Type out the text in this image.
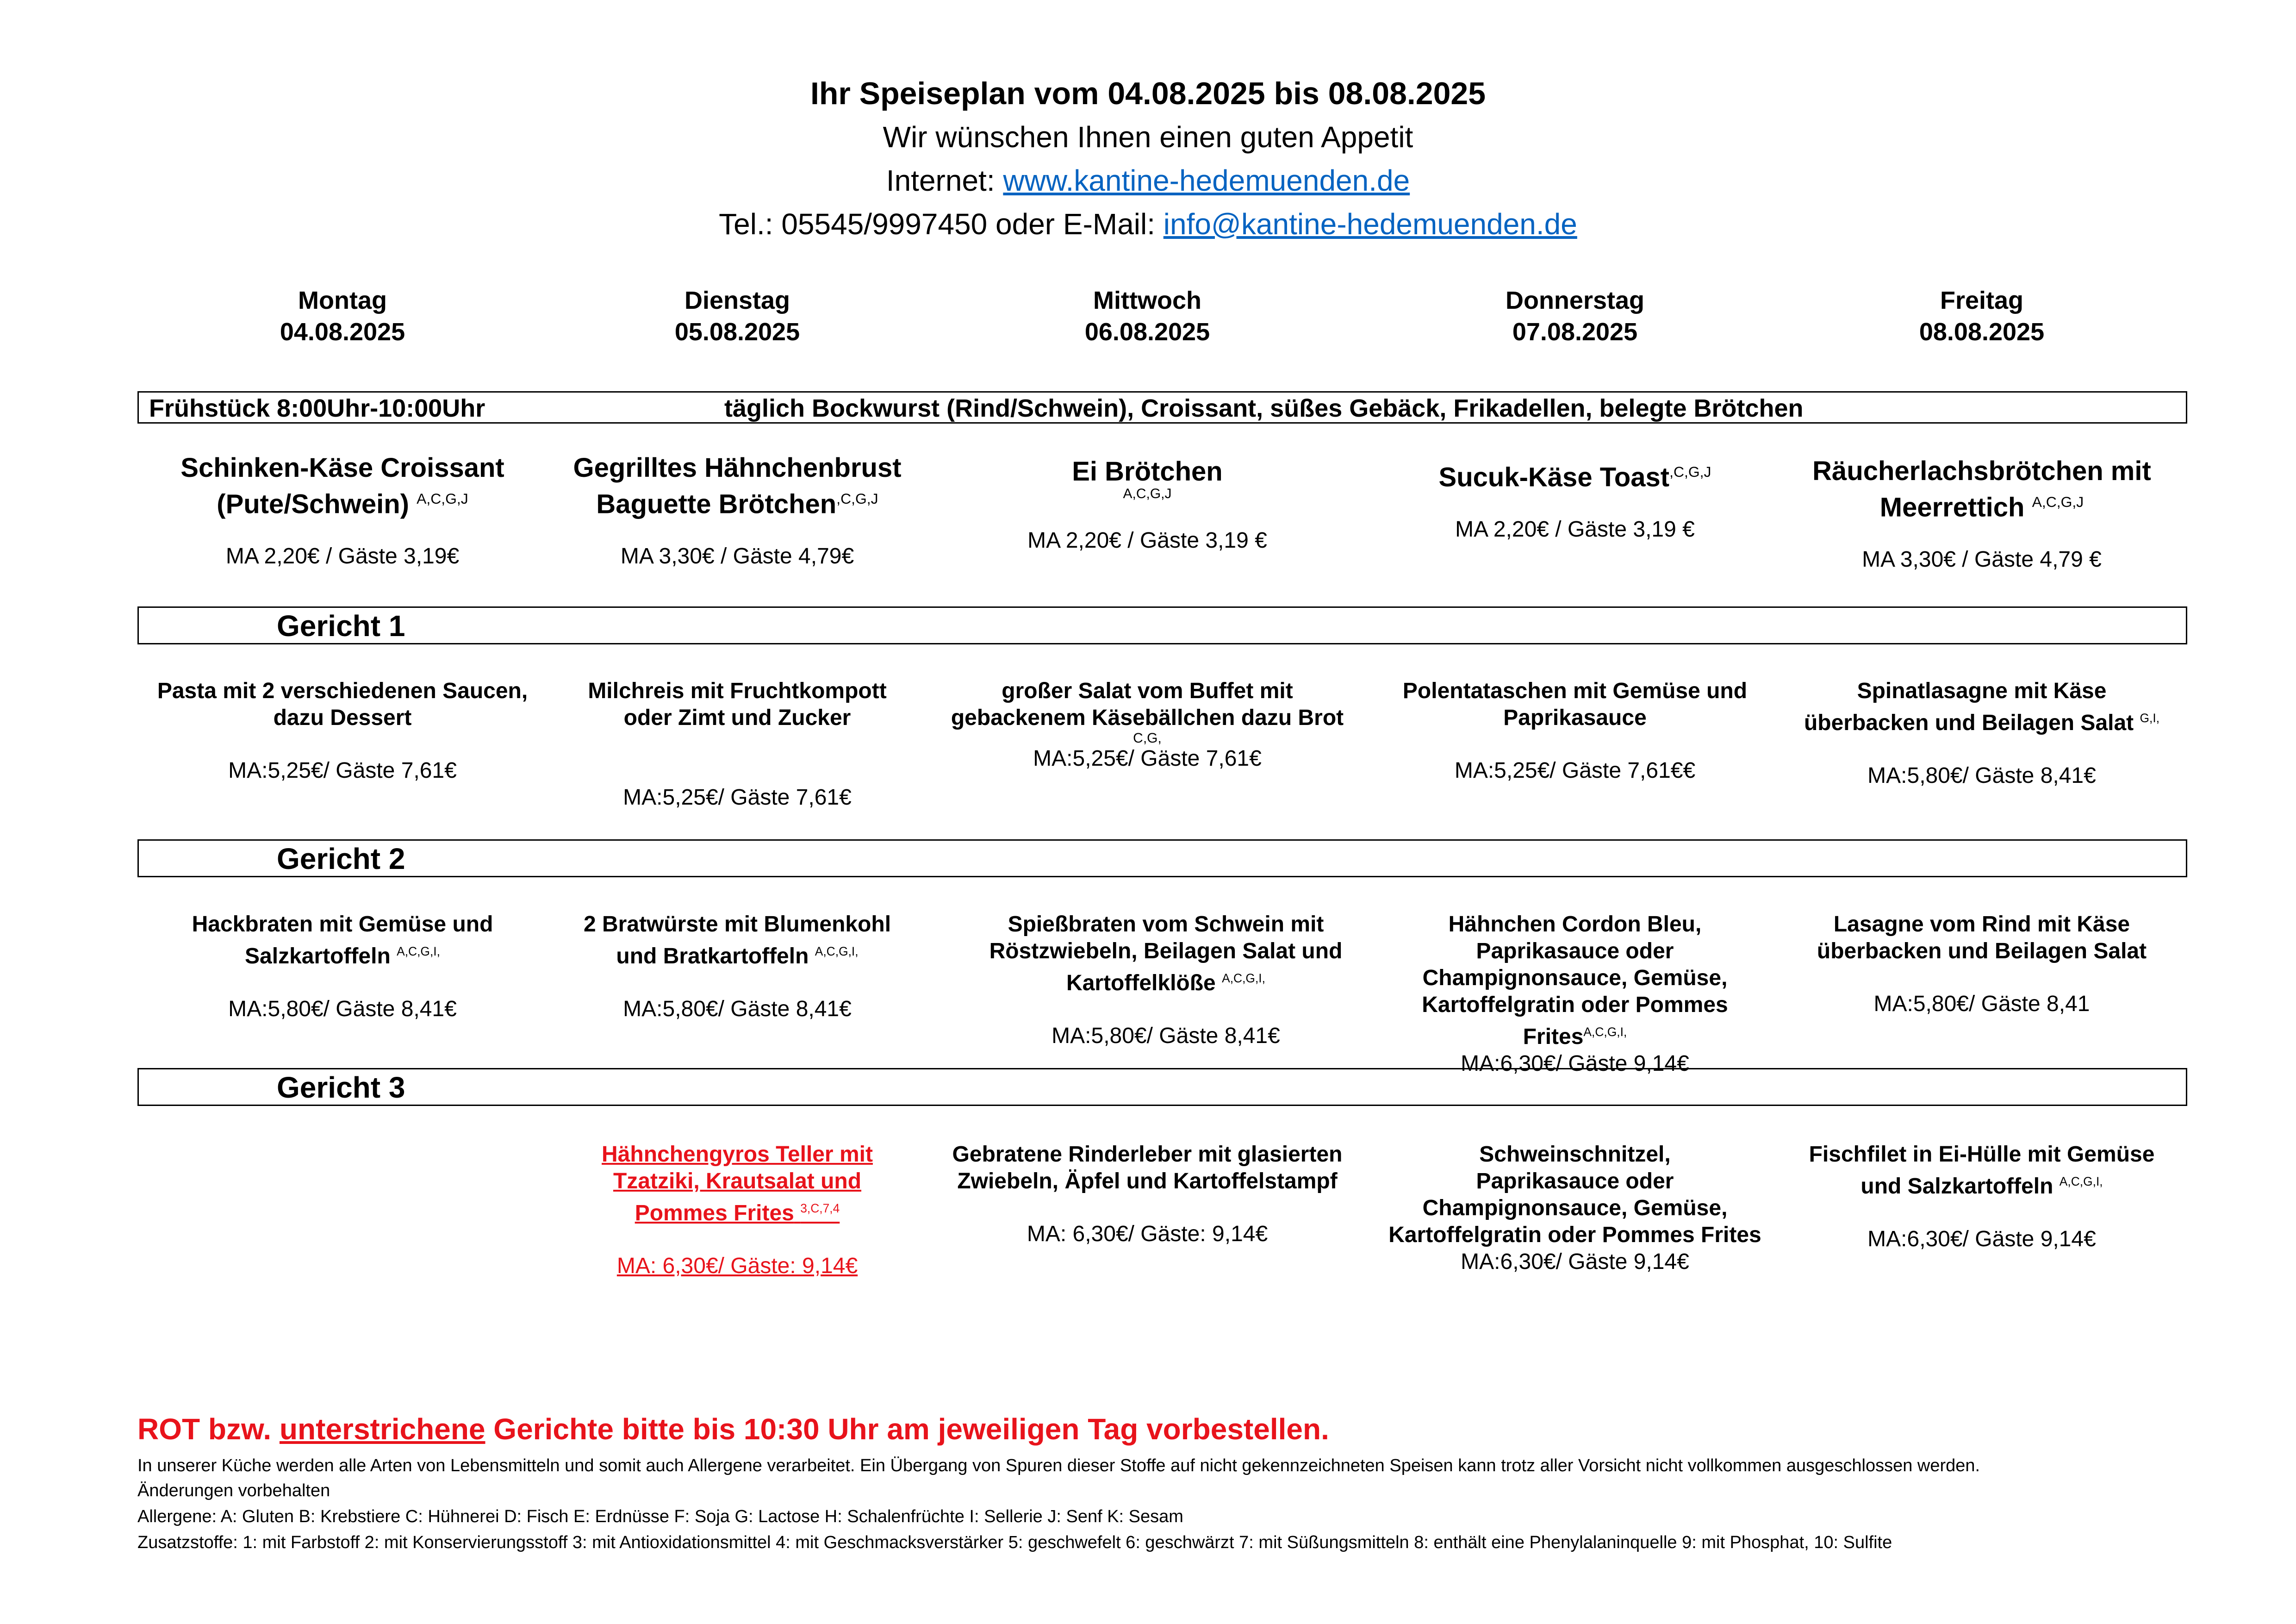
Ihr Speiseplan vom 04.08.2025 bis 08.08.2025
Wir wünschen Ihnen einen guten Appetit
Internet: www.kantine-hedemuenden.de
Tel.: 05545/9997450 oder E-Mail: info@kantine-hedemuenden.de
Montag
04.08.2025
Dienstag
05.08.2025
Mittwoch
06.08.2025
Donnerstag
07.08.2025
Freitag
08.08.2025
Frühstück 8:00Uhr-10:00Uhr	täglich Bockwurst (Rind/Schwein), Croissant, süßes Gebäck, Frikadellen, belegte Brötchen
Schinken-Käse Croissant
(Pute/Schwein) $^{A,C,G,J}$
MA 2,20€ / Gäste 3,19€
Gegrilltes Hähnchenbrust
Baguette Brötchen$^{,C,G,J}$
MA 3,30€ / Gäste 4,79€
Ei Brötchen
A,C,G,J
MA 2,20€ / Gäste 3,19 €
Sucuk-Käse Toast$^{,C,G,J}$
MA 2,20€ / Gäste 3,19 €
Räucherlachsbrötchen mit
Meerrettich $^{A,C,G,J}$
MA 3,30€ / Gäste 4,79 €
Gericht 1
Pasta mit 2 verschiedenen Saucen,
dazu Dessert
MA:5,25€/ Gäste 7,61€
Milchreis mit Fruchtkompott
oder Zimt und Zucker
MA:5,25€/ Gäste 7,61€
großer Salat vom Buffet mit
gebackenem Käsebällchen dazu Brot
C,G,
MA:5,25€/ Gäste 7,61€
Polentataschen mit Gemüse und
Paprikasauce
MA:5,25€/ Gäste 7,61€€
Spinatlasagne mit Käse
überbacken und Beilagen Salat $^{G,I,}$
MA:5,80€/ Gäste 8,41€
Gericht 2
Hackbraten mit Gemüse und
Salzkartoffeln $^{A,C,G,I,}$
MA:5,80€/ Gäste 8,41€
2 Bratwürste mit Blumenkohl
und Bratkartoffeln $^{A,C,G,I,}$
MA:5,80€/ Gäste 8,41€
Spießbraten vom Schwein mit
Röstzwiebeln, Beilagen Salat und
Kartoffelklöße $^{A,C,G,I,}$
MA:5,80€/ Gäste 8,41€
Hähnchen Cordon Bleu,
Paprikasauce oder
Champignonsauce, Gemüse,
Kartoffelgratin oder Pommes
Frites$^{A,C,G,I,}$
MA:6,30€/ Gäste 9,14€
Lasagne vom Rind mit Käse
überbacken und Beilagen Salat
MA:5,80€/ Gäste 8,41
Gericht 3
Hähnchengyros Teller mit
Tzatziki, Krautsalat und
Pommes Frites $^{3,C,7,4}$
MA: 6,30€/ Gäste: 9,14€
Gebratene Rinderleber mit glasierten
Zwiebeln, Äpfel und Kartoffelstampf
MA: 6,30€/ Gäste: 9,14€
Schweinschnitzel,
Paprikasauce oder
Champignonsauce, Gemüse,
Kartoffelgratin oder Pommes Frites
MA:6,30€/ Gäste 9,14€
Fischfilet in Ei-Hülle mit Gemüse
und Salzkartoffeln $^{A,C,G,I,}$
MA:6,30€/ Gäste 9,14€
ROT bzw. unterstrichene Gerichte bitte bis 10:30 Uhr am jeweiligen Tag vorbestellen.
In unserer Küche werden alle Arten von Lebensmitteln und somit auch Allergene verarbeitet. Ein Übergang von Spuren dieser Stoffe auf nicht gekennzeichneten Speisen kann trotz aller Vorsicht nicht vollkommen ausgeschlossen werden.
Änderungen vorbehalten
Allergene: A: Gluten B: Krebstiere C: Hühnerei D: Fisch E: Erdnüsse F: Soja G: Lactose H: Schalenfrüchte I: Sellerie J: Senf K: Sesam
Zusatzstoffe: 1: mit Farbstoff 2: mit Konservierungsstoff 3: mit Antioxidationsmittel 4: mit Geschmacksverstärker 5: geschwefelt 6: geschwärzt 7: mit Süßungsmitteln 8: enthält eine Phenylalaninquelle 9: mit Phosphat, 10: Sulfite
